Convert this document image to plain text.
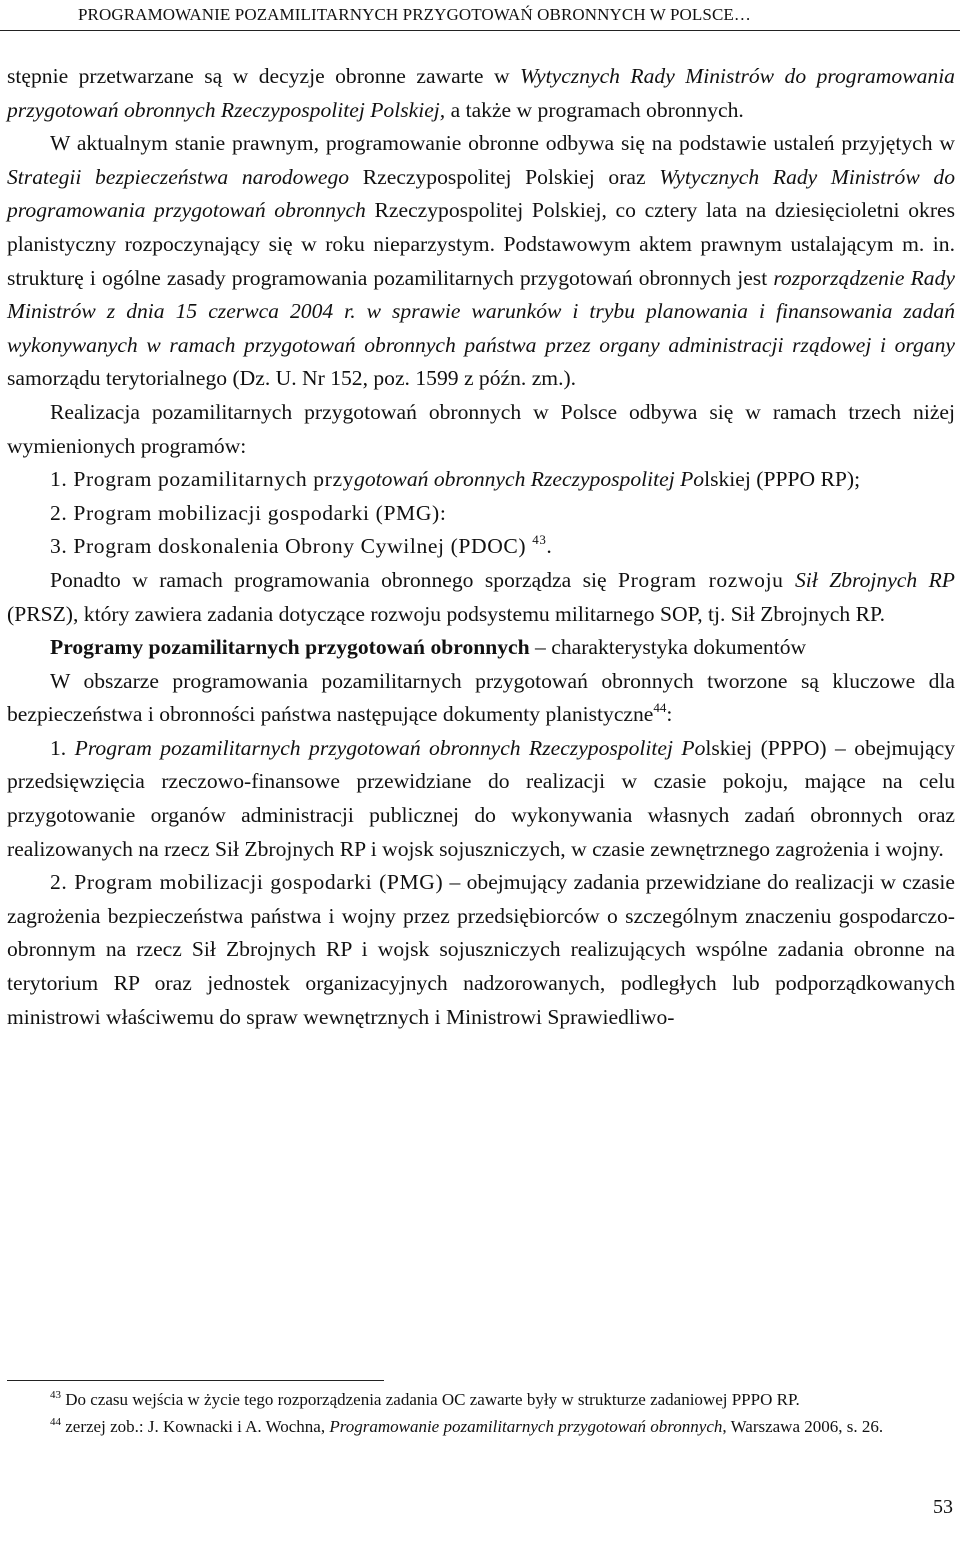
PROGRAMOWANIE POZAMILITARNYCH PRZYGOTOWAŃ OBRONNYCH W POLSCE…

stępnie przetwarzane są w decyzje obronne zawarte w Wytycznych Rady Ministrów do programowania przygotowań obronnych Rzeczypospolitej Polskiej, a także w programach obronnych.

W aktualnym stanie prawnym, programowanie obronne odbywa się na podstawie ustaleń przyjętych w Strategii bezpieczeństwa narodowego Rzeczypospolitej Polskiej oraz Wytycznych Rady Ministrów do programowania przygotowań obronnych Rzeczypospolitej Polskiej, co cztery lata na dziesięcioletni okres planistyczny rozpoczynający się w roku nieparzystym. Podstawowym aktem prawnym ustalającym m. in. strukturę i ogólne zasady programowania pozamilitarnych przygotowań obronnych jest rozporządzenie Rady Ministrów z dnia 15 czerwca 2004 r. w sprawie warunków i trybu planowania i finansowania zadań wykonywanych w ramach przygotowań obronnych państwa przez organy administracji rządowej i organy samorządu terytorialnego (Dz. U. Nr 152, poz. 1599 z późn. zm.).

Realizacja pozamilitarnych przygotowań obronnych w Polsce odbywa się w ramach trzech niżej wymienionych programów:

1. Program pozamilitarnych przygotowań obronnych Rzeczypospolitej Polskiej (PPPO RP);

2. Program mobilizacji gospodarki (PMG):

3. Program doskonalenia Obrony Cywilnej (PDOC) $^{43}$.

Ponadto w ramach programowania obronnego sporządza się Program rozwoju Sił Zbrojnych RP (PRSZ), który zawiera zadania dotyczące rozwoju podsystemu militarnego SOP, tj. Sił Zbrojnych RP.

Programy pozamilitarnych przygotowań obronnych – charakterystyka dokumentów

W obszarze programowania pozamilitarnych przygotowań obronnych tworzone są kluczowe dla bezpieczeństwa i obronności państwa następujące dokumenty planistyczne$^{44}$:

1. Program pozamilitarnych przygotowań obronnych Rzeczypospolitej Polskiej (PPPO) – obejmujący przedsięwzięcia rzeczowo-finansowe przewidziane do realizacji w czasie pokoju, mające na celu przygotowanie organów administracji publicznej do wykonywania własnych zadań obronnych oraz realizowanych na rzecz Sił Zbrojnych RP i wojsk sojuszniczych, w czasie zewnętrznego zagrożenia i wojny.

2. Program mobilizacji gospodarki (PMG) – obejmujący zadania przewidziane do realizacji w czasie zagrożenia bezpieczeństwa państwa i wojny przez przedsiębiorców o szczególnym znaczeniu gospodarczo-obronnym na rzecz Sił Zbrojnych RP i wojsk sojuszniczych realizujących wspólne zadania obronne na terytorium RP oraz jednostek organizacyjnych nadzorowanych, podległych lub podporządkowanych ministrowi właściwemu do spraw wewnętrznych i Ministrowi Sprawiedliwo-

$^{43}$ Do czasu wejścia w życie tego rozporządzenia zadania OC zawarte były w strukturze zadaniowej PPPO RP.

$^{44}$ zerzej zob.: J. Kownacki i A. Wochna, Programowanie pozamilitarnych przygotowań obronnych, Warszawa 2006, s. 26.

53
